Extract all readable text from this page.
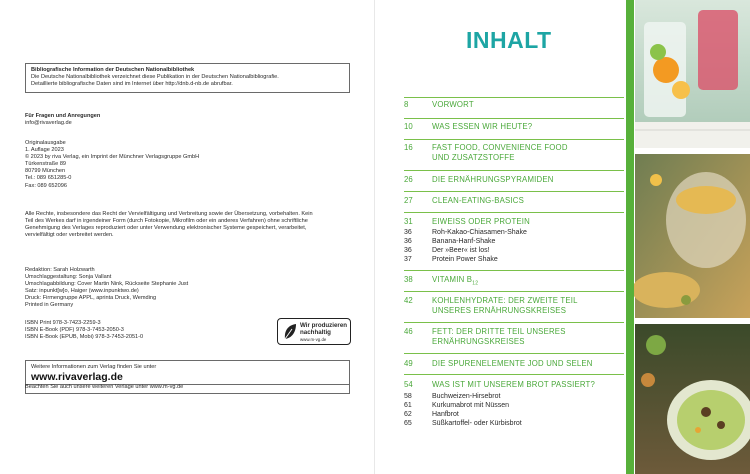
Bibliografische Information der Deutschen Nationalbibliothek
Die Deutsche Nationalbibliothek verzeichnet diese Publikation in der Deutschen Nationalbibliografie.
Detaillierte bibliografische Daten sind im Internet über http://dnb.d-nb.de abrufbar.
Für Fragen und Anregungen
info@rivaverlag.de
Originalausgabe
1. Auflage 2023
© 2023 by riva Verlag, ein Imprint der Münchner Verlagsgruppe GmbH
Türkenstraße 89
80799 München
Tel.: 089 651285-0
Fax: 089 652096
Alle Rechte, insbesondere das Recht der Vervielfältigung und Verbreitung sowie der Übersetzung, vorbehalten. Kein
Teil des Werkes darf in irgendeiner Form (durch Fotokopie, Mikrofilm oder ein anderes Verfahren) ohne schriftliche
Genehmigung des Verlages reproduziert oder unter Verwendung elektronischer Systeme gespeichert, verarbeitet,
vervielfältigt oder verbreitet werden.
Redaktion: Sarah Holzwarth
Umschlaggestaltung: Sonja Vallant
Umschlagabbildung: Cover Martin Nink, Rückseite Stephanie Just
Satz: inpunkt[w]o, Haiger (www.inpunktwo.de)
Druck: Firmengruppe APPL, aprinta Druck, Wemding
Printed in Germany
ISBN Print 978-3-7423-2259-3
ISBN E-Book (PDF) 978-3-7453-2050-3
ISBN E-Book (EPUB, Mobi) 978-3-7453-2051-0
Wir produzieren
nachhaltig
www.m-vg.de
Weitere Informationen zum Verlag finden Sie unter
www.rivaverlag.de
Beachten Sie auch unsere weiteren Verlage unter www.m-vg.de
INHALT
8	VORWORT
10	WAS ESSEN WIR HEUTE?
16	FAST FOOD, CONVENIENCE FOOD
UND ZUSATZSTOFFE
26	DIE ERNÄHRUNGSPYRAMIDEN
27	CLEAN-EATING-BASICS
31	EIWEISS ODER PROTEIN
36	Roh-Kakao-Chiasamen-Shake
36	Banana-Hanf-Shake
36	Der »Beer« ist los!
37	Protein Power Shake
38	VITAMIN $B_{12}$
42	KOHLENHYDRATE: DER ZWEITE TEIL
UNSERES ERNÄHRUNGSKREISES
46	FETT: DER DRITTE TEIL UNSERES
ERNÄHRUNGSKREISES
49	DIE SPURENELEMENTE JOD UND SELEN
54	WAS IST MIT UNSEREM BROT PASSIERT?
58	Buchweizen-Hirsebrot
61	Kurkumabrot mit Nüssen
62	Hanfbrot
65	Süßkartoffel- oder Kürbisbrot
